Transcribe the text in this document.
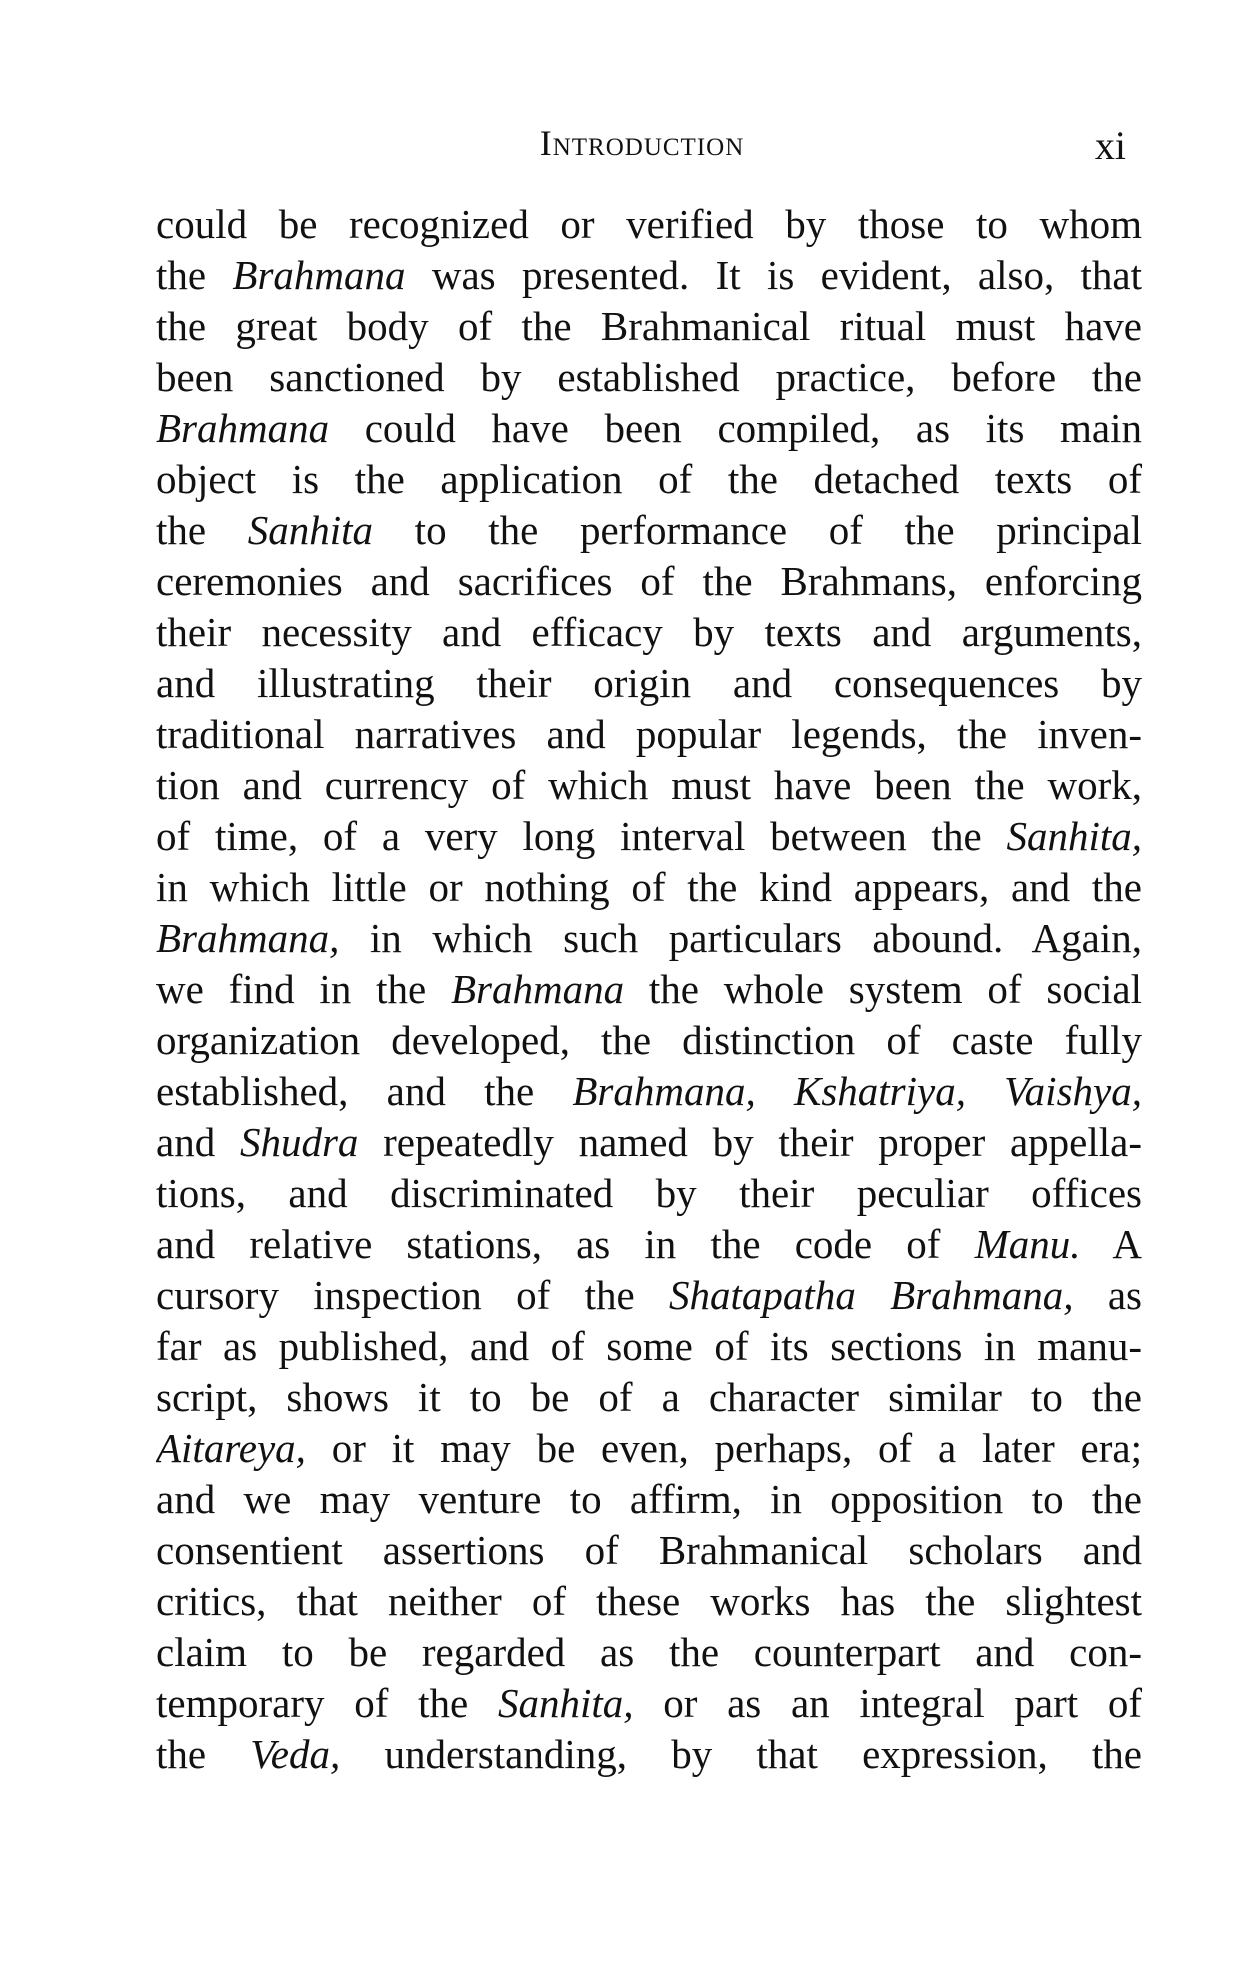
Introduction	xi
could be recognized or verified by those to whom
the Brahmana was presented. It is evident, also, that
the great body of the Brahmanical ritual must have
been sanctioned by established practice, before the
Brahmana could have been compiled, as its main
object is the application of the detached texts of
the Sanhita to the performance of the principal
ceremonies and sacrifices of the Brahmans, enforcing
their necessity and efficacy by texts and arguments,
and illustrating their origin and consequences by
traditional narratives and popular legends, the inven-
tion and currency of which must have been the work,
of time, of a very long interval between the Sanhita,
in which little or nothing of the kind appears, and the
Brahmana, in which such particulars abound. Again,
we find in the Brahmana the whole system of social
organization developed, the distinction of caste fully
established, and the Brahmana, Kshatriya, Vaishya,
and Shudra repeatedly named by their proper appella-
tions, and discriminated by their peculiar offices
and relative stations, as in the code of Manu. A
cursory inspection of the Shatapatha Brahmana, as
far as published, and of some of its sections in manu-
script, shows it to be of a character similar to the
Aitareya, or it may be even, perhaps, of a later era;
and we may venture to affirm, in opposition to the
consentient assertions of Brahmanical scholars and
critics, that neither of these works has the slightest
claim to be regarded as the counterpart and con-
temporary of the Sanhita, or as an integral part of
the Veda, understanding, by that expression, the
